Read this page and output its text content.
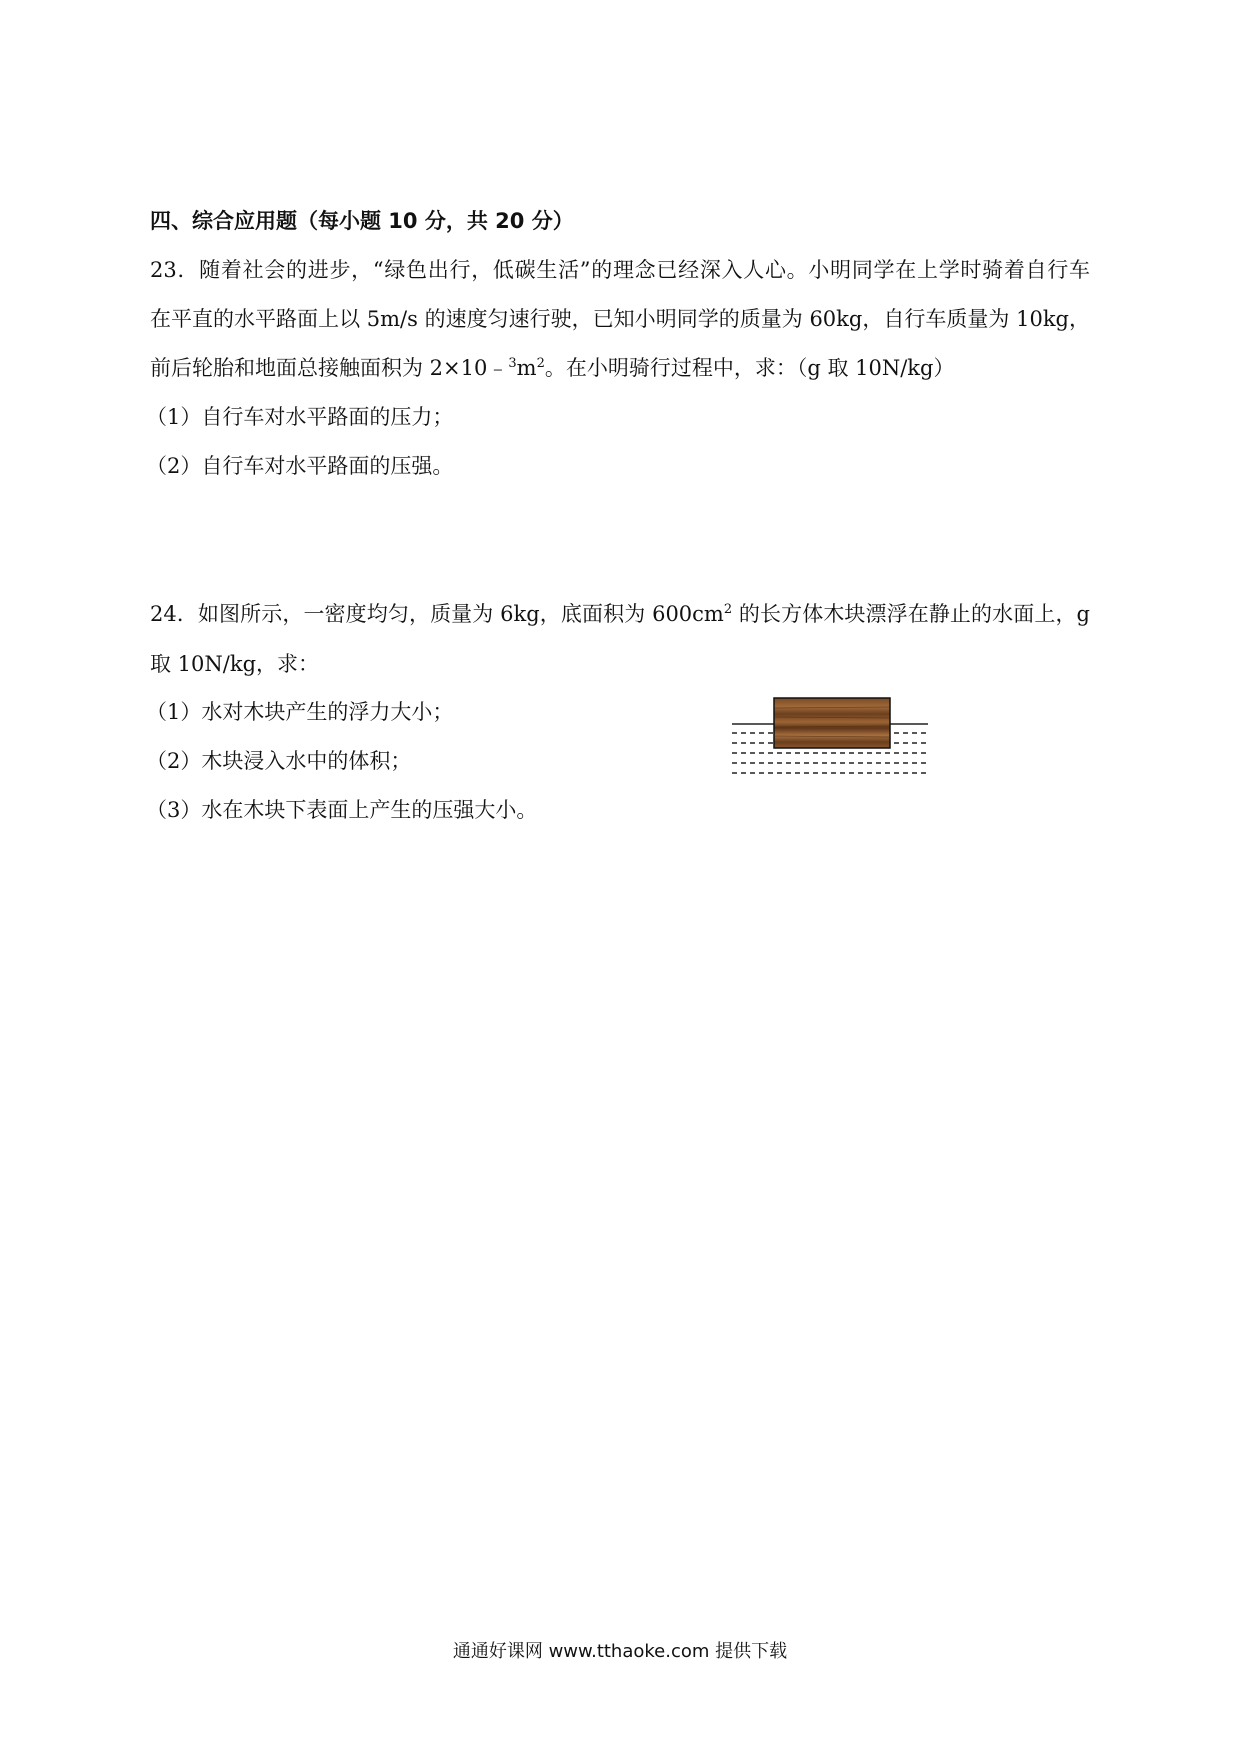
四、综合应用题（每小题 10 分，共 20 分）
23．随着社会的进步，“绿色出行，低碳生活”的理念已经深入人心。小明同学在上学时骑着自行车
在平直的水平路面上以 5m/s 的速度匀速行驶，已知小明同学的质量为 60kg，自行车质量为 10kg，
前后轮胎和地面总接触面积为 $2\times 10﹣^3m^2$。在小明骑行过程中，求：（g 取 10N/kg）
（1）自行车对水平路面的压力；
（2）自行车对水平路面的压强。
24．如图所示，一密度均匀，质量为 6kg，底面积为 $600cm^2$ 的长方体木块漂浮在静止的水面上，g
取 10N/kg，求：
（1）水对木块产生的浮力大小；
（2）木块浸入水中的体积；
（3）水在木块下表面上产生的压强大小。
通通好课网 www.tthaoke.com 提供下载
